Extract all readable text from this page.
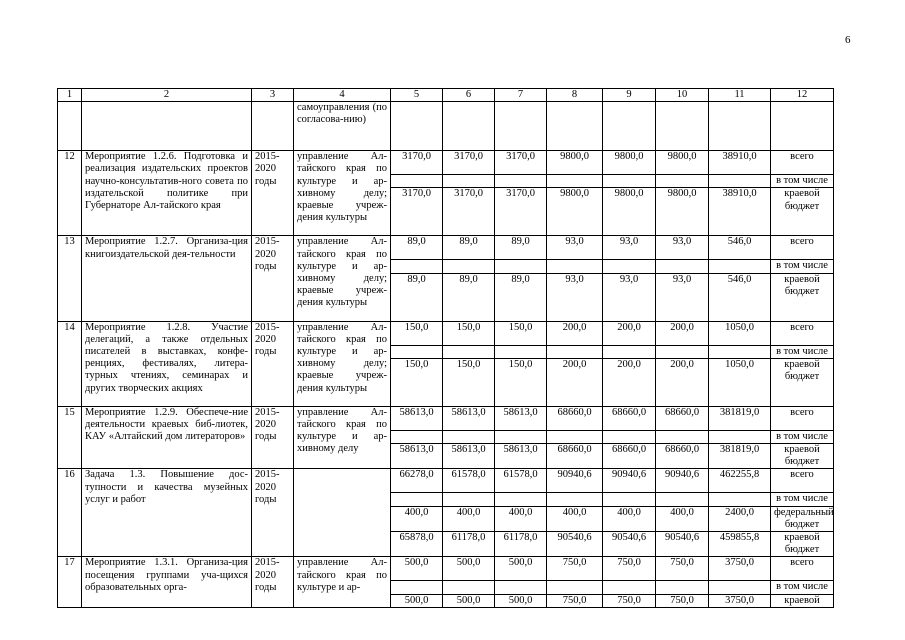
6
1	2	3	4	5	6	7	8	9	10	11	12
			самоуправления (по согласова-нию)								
12	Мероприятие 1.2.6. Подготовка и реализация издательских проектов научно-консультатив-ного совета по издательской политике при Губернаторе Ал-тайского края	2015-2020 годы	управление Ал-тайского края по культуре и ар-хивному делу; краевые учреж-дения культуры	3170,0	3170,0	3170,0	9800,0	9800,0	9800,0	38910,0	всего
											в том числе
				3170,0	3170,0	3170,0	9800,0	9800,0	9800,0	38910,0	краевой бюджет
13	Мероприятие 1.2.7. Организа-ция книгоиздательской дея-тельности	2015-2020 годы	управление Ал-тайского края по культуре и ар-хивному делу; краевые учреж-дения культуры	89,0	89,0	89,0	93,0	93,0	93,0	546,0	всего
											в том числе
				89,0	89,0	89,0	93,0	93,0	93,0	546,0	краевой бюджет
14	Мероприятие 1.2.8. Участие делегаций, а также отдельных писателей в выставках, конфе-ренциях, фестивалях, литера-турных чтениях, семинарах и других творческих акциях	2015-2020 годы	управление Ал-тайского края по культуре и ар-хивному делу; краевые учреж-дения культуры	150,0	150,0	150,0	200,0	200,0	200,0	1050,0	всего
											в том числе
				150,0	150,0	150,0	200,0	200,0	200,0	1050,0	краевой бюджет
15	Мероприятие 1.2.9. Обеспече-ние деятельности краевых биб-лиотек, КАУ «Алтайский дом литераторов»	2015-2020 годы	управление Ал-тайского края по культуре и ар-хивному делу	58613,0	58613,0	58613,0	68660,0	68660,0	68660,0	381819,0	всего
											в том числе
				58613,0	58613,0	58613,0	68660,0	68660,0	68660,0	381819,0	краевой бюджет
16	Задача 1.3. Повышение дос-тупности и качества музейных услуг и работ	2015-2020 годы		66278,0	61578,0	61578,0	90940,6	90940,6	90940,6	462255,8	всего
											в том числе
				400,0	400,0	400,0	400,0	400,0	400,0	2400,0	федеральный бюджет
				65878,0	61178,0	61178,0	90540,6	90540,6	90540,6	459855,8	краевой бюджет
17	Мероприятие 1.3.1. Организа-ция посещения группами уча-щихся образовательных орга-	2015-2020 годы	управление Ал-тайского края по культуре и ар-	500,0	500,0	500,0	750,0	750,0	750,0	3750,0	всего
											в том числе
				500,0	500,0	500,0	750,0	750,0	750,0	3750,0	краевой
